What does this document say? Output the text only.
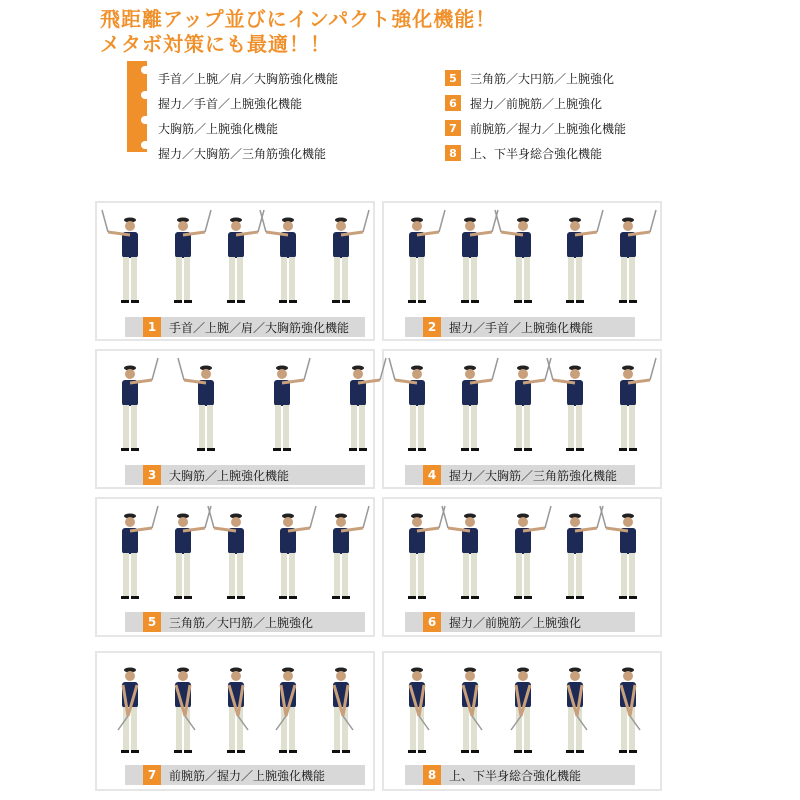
飛距離アップ並びにインパクト強化機能！
メタボ対策にも最適！！
手首／上腕／肩／大胸筋強化機能
握力／手首／上腕強化機能
大胸筋／上腕強化機能
握力／大胸筋／三角筋強化機能
5	三角筋／大円筋／上腕強化
6	握力／前腕筋／上腕強化
7	前腕筋／握力／上腕強化機能
8	上、下半身総合強化機能
1	手首／上腕／肩／大胸筋強化機能	2	握力／手首／上腕強化機能
3	大胸筋／上腕強化機能	4	握力／大胸筋／三角筋強化機能
5	三角筋／大円筋／上腕強化	6	握力／前腕筋／上腕強化
7	前腕筋／握力／上腕強化機能	8	上、下半身総合強化機能
